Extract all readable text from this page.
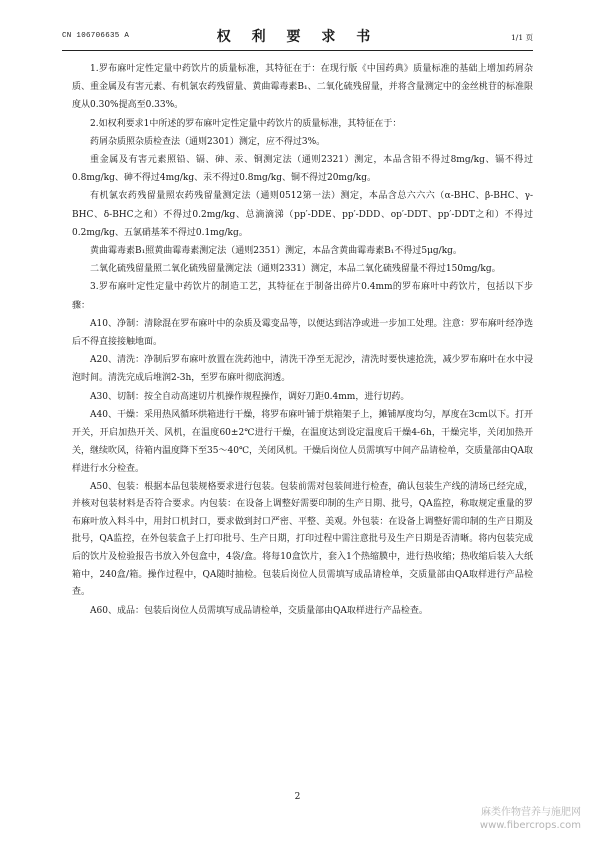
CN 106706635 A	权 利 要 求 书	1/1 页

1.罗布麻叶定性定量中药饮片的质量标准，其特征在于：在现行版《中国药典》质量标准的基础上增加药屑杂质、重金属及有害元素、有机氯农药残留量、黄曲霉毒素B₁、二氧化硫残留量，并将含量测定中的金丝桃苷的标准限度从0.30%提高至0.33%。

2.如权利要求1中所述的罗布麻叶定性定量中药饮片的质量标准，其特征在于：

药屑杂质照杂质检查法（通则2301）测定，应不得过3%。

重金属及有害元素照铅、镉、砷、汞、铜测定法（通则2321）测定，本品含铅不得过8mg/kg、镉不得过0.8mg/kg、砷不得过4mg/kg、汞不得过0.8mg/kg、铜不得过20mg/kg。

有机氯农药残留量照农药残留量测定法（通则0512第一法）测定，本品含总六六六（α-BHC、β-BHC、γ-BHC、δ-BHC之和）不得过0.2mg/kg、总滴滴涕（pp′-DDE、pp′-DDD、op′-DDT、pp′-DDT之和）不得过0.2mg/kg、五氯硝基苯不得过0.1mg/kg。

黄曲霉毒素B₁照黄曲霉毒素测定法（通则2351）测定，本品含黄曲霉毒素B₁不得过5μg/kg。

二氧化硫残留量照二氧化硫残留量测定法（通则2331）测定，本品二氧化硫残留量不得过150mg/kg。

3.罗布麻叶定性定量中药饮片的制造工艺，其特征在于制备出碎片0.4mm的罗布麻叶中药饮片，包括以下步骤：

A10、净制：清除混在罗布麻叶中的杂质及霉变品等，以便达到洁净或进一步加工处理。注意：罗布麻叶经净选后不得直接接触地面。

A20、清洗：净制后罗布麻叶放置在洗药池中，清洗干净至无泥沙，清洗时要快速抢洗，减少罗布麻叶在水中浸泡时间。清洗完成后堆润2-3h，至罗布麻叶彻底润透。

A30、切制：按全自动高速切片机操作规程操作，调好刀距0.4mm，进行切药。

A40、干燥：采用热风循环烘箱进行干燥，将罗布麻叶铺于烘箱架子上，摊铺厚度均匀，厚度在3cm以下。打开开关，开启加热开关、风机，在温度60±2℃进行干燥，在温度达到设定温度后干燥4-6h，干燥完毕，关闭加热开关，继续吹风，待箱内温度降下至35～40℃，关闭风机。干燥后岗位人员需填写中间产品请检单，交质量部由QA取样进行水分检查。

A50、包装：根据本品包装规格要求进行包装。包装前需对包装间进行检查，确认包装生产线的清场已经完成，并核对包装材料是否符合要求。内包装：在设备上调整好需要印制的生产日期、批号，QA监控，称取规定重量的罗布麻叶放入料斗中，用封口机封口，要求做到封口严密、平整、美观。外包装：在设备上调整好需印制的生产日期及批号，QA监控，在外包装盒子上打印批号、生产日期，打印过程中需注意批号及生产日期是否清晰。将内包装完成后的饮片及检验报告书放入外包盒中，4袋/盒。将每10盒饮片，套入1个热缩膜中，进行热收缩；热收缩后装入大纸箱中，240盒/箱。操作过程中，QA随时抽检。包装后岗位人员需填写成品请检单，交质量部由QA取样进行产品检查。

A60、成品：包装后岗位人员需填写成品请检单，交质量部由QA取样进行产品检查。

2
麻类作物营养与施肥网
www.fibercrops.com
